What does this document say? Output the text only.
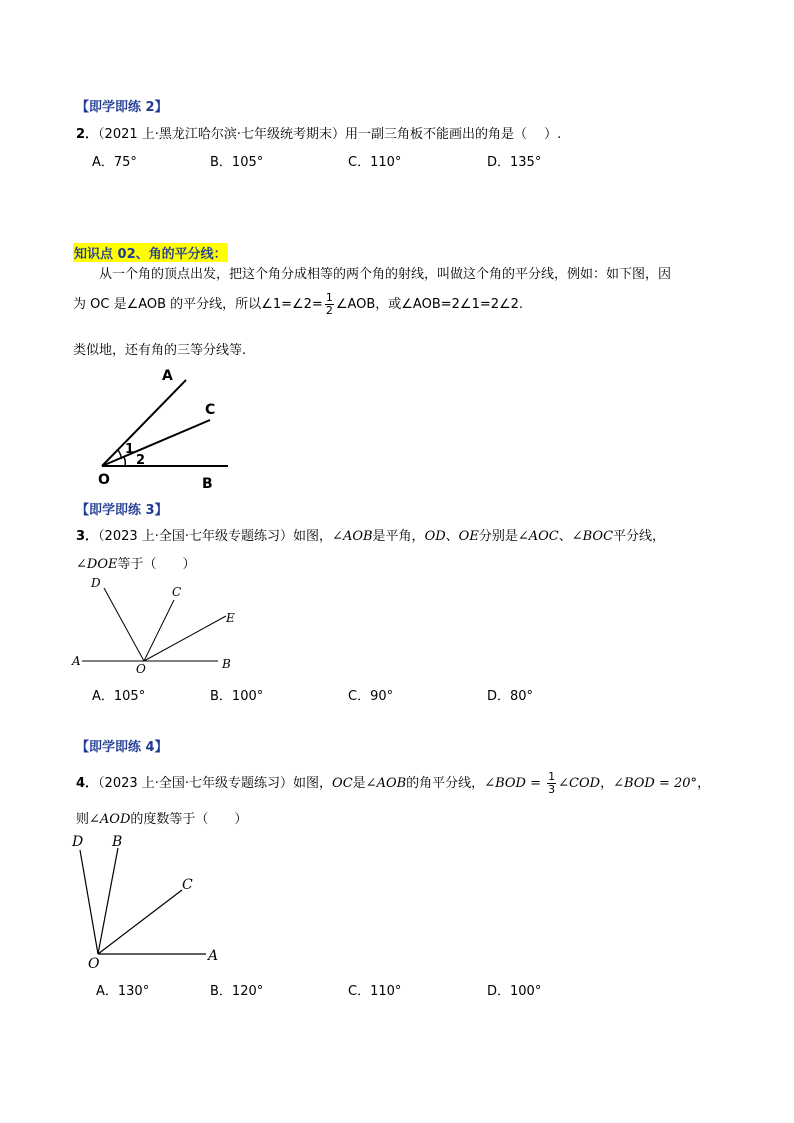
【即学即练 2】
2．（2021 上·黑龙江哈尔滨·七年级统考期末）用一副三角板不能画出的角是（　 ）.
A．75°	B．105°	C．110°	D．135°
知识点 02、角的平分线：
从一个角的顶点出发，把这个角分成相等的两个角的射线，叫做这个角的平分线，例如：如下图，因
为 OC 是∠AOB 的平分线，所以∠1=∠2= $\frac{1}{2}$ ∠AOB，或∠AOB=2∠1=2∠2.
类似地，还有角的三等分线等.
A
C
1
2
O	B
【即学即练 3】
3．（2023 上·全国·七年级专题练习）如图，∠AOB是平角，OD、OE分别是∠AOC、∠BOC平分线，
∠DOE等于（　　）
D
C
E
A
O	B
A．105°	B．100°	C．90°	D．80°
【即学即练 4】
4．（2023 上·全国·七年级专题练习）如图，OC是∠AOB的角平分线，∠BOD = $\frac{1}{3}$ ∠COD，∠BOD = 20°，
则∠AOD的度数等于（　　）
D B
C
O	A
A．130°	B．120°	C．110°	D．100°
